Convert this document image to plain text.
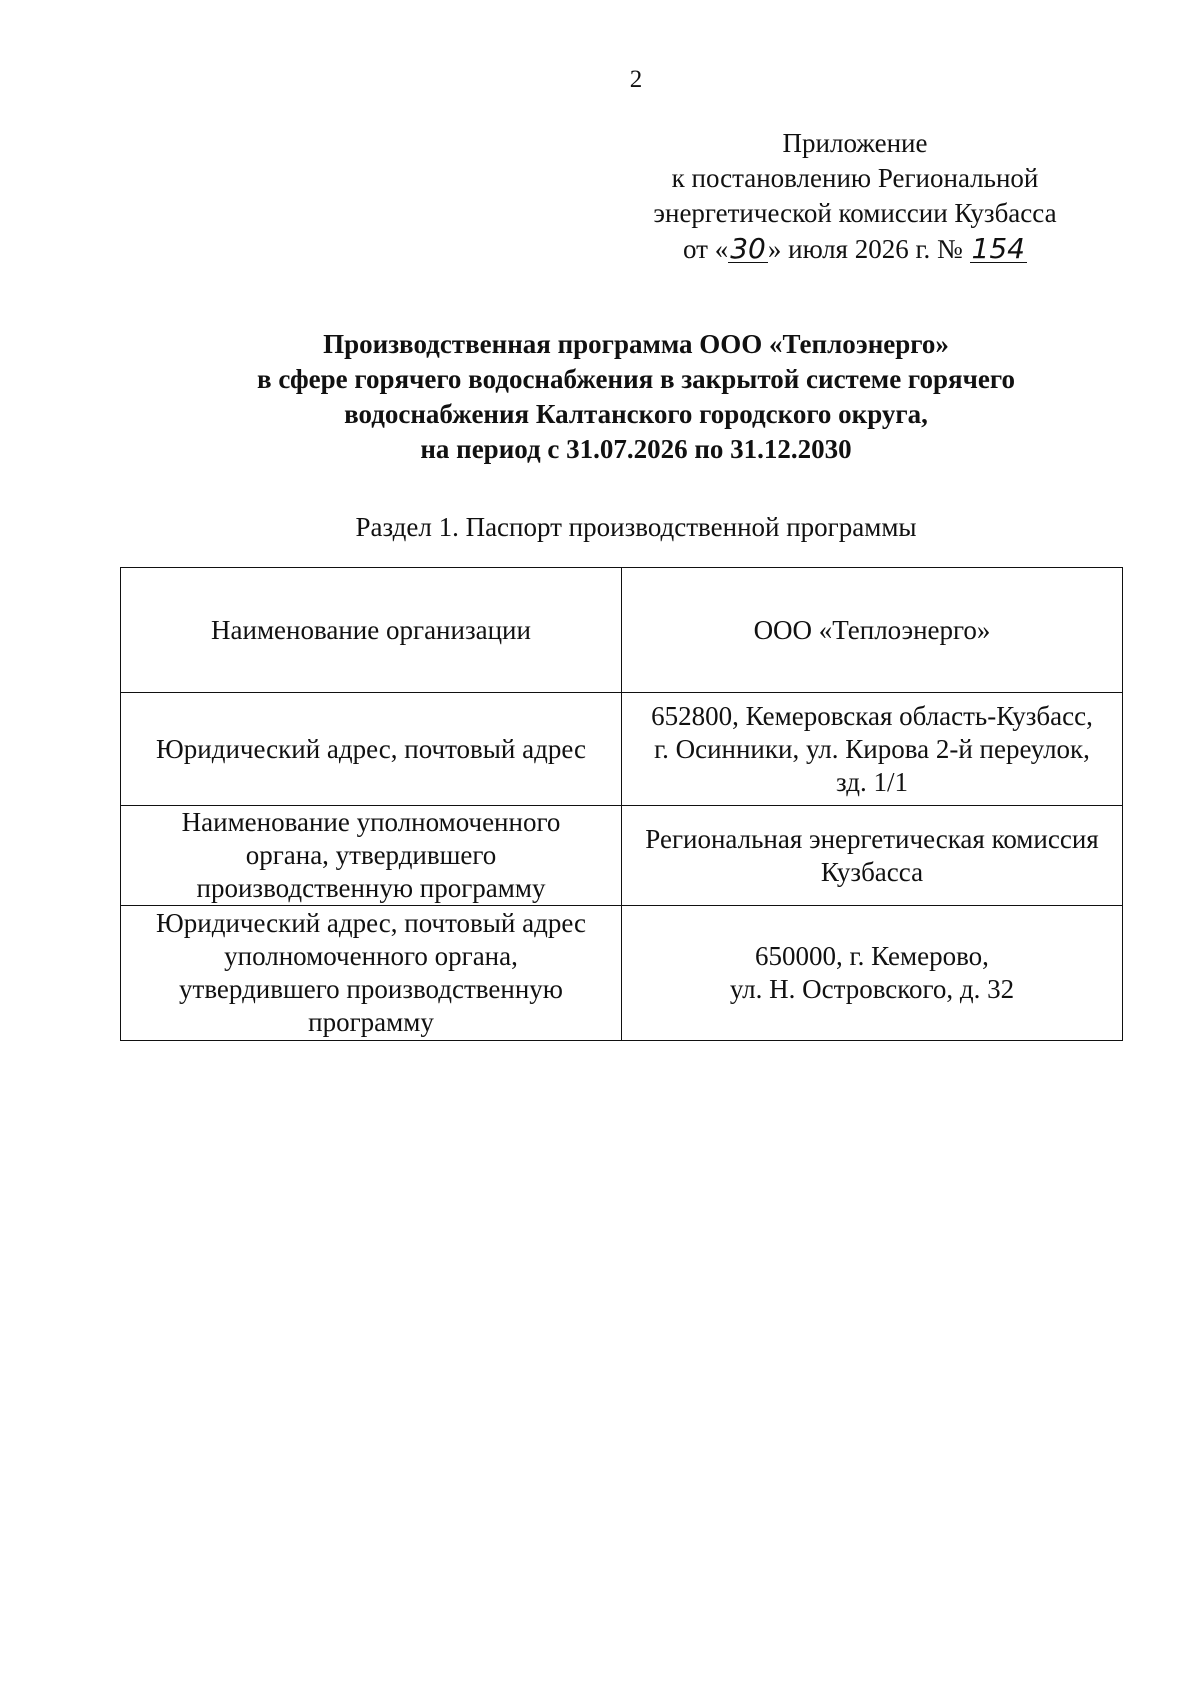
2
Приложение
к постановлению Региональной
энергетической комиссии Кузбасса
от «30» июля 2026 г. № 154
Производственная программа ООО «Теплоэнерго»
в сфере горячего водоснабжения в закрытой системе горячего
водоснабжения Калтанского городского округа,
на период с 31.07.2026 по 31.12.2030
Раздел 1. Паспорт производственной программы
Наименование организации	ООО «Теплоэнерго»

Юридический адрес, почтовый адрес	652800, Кемеровская область-Кузбасс,
г. Осинники, ул. Кирова 2-й переулок,
зд. 1/1

Наименование уполномоченного
органа, утвердившего
производственную программу	Региональная энергетическая комиссия
Кузбасса

Юридический адрес, почтовый адрес
уполномоченного органа,
утвердившего производственную
программу	650000, г. Кемерово,
ул. Н. Островского, д. 32
